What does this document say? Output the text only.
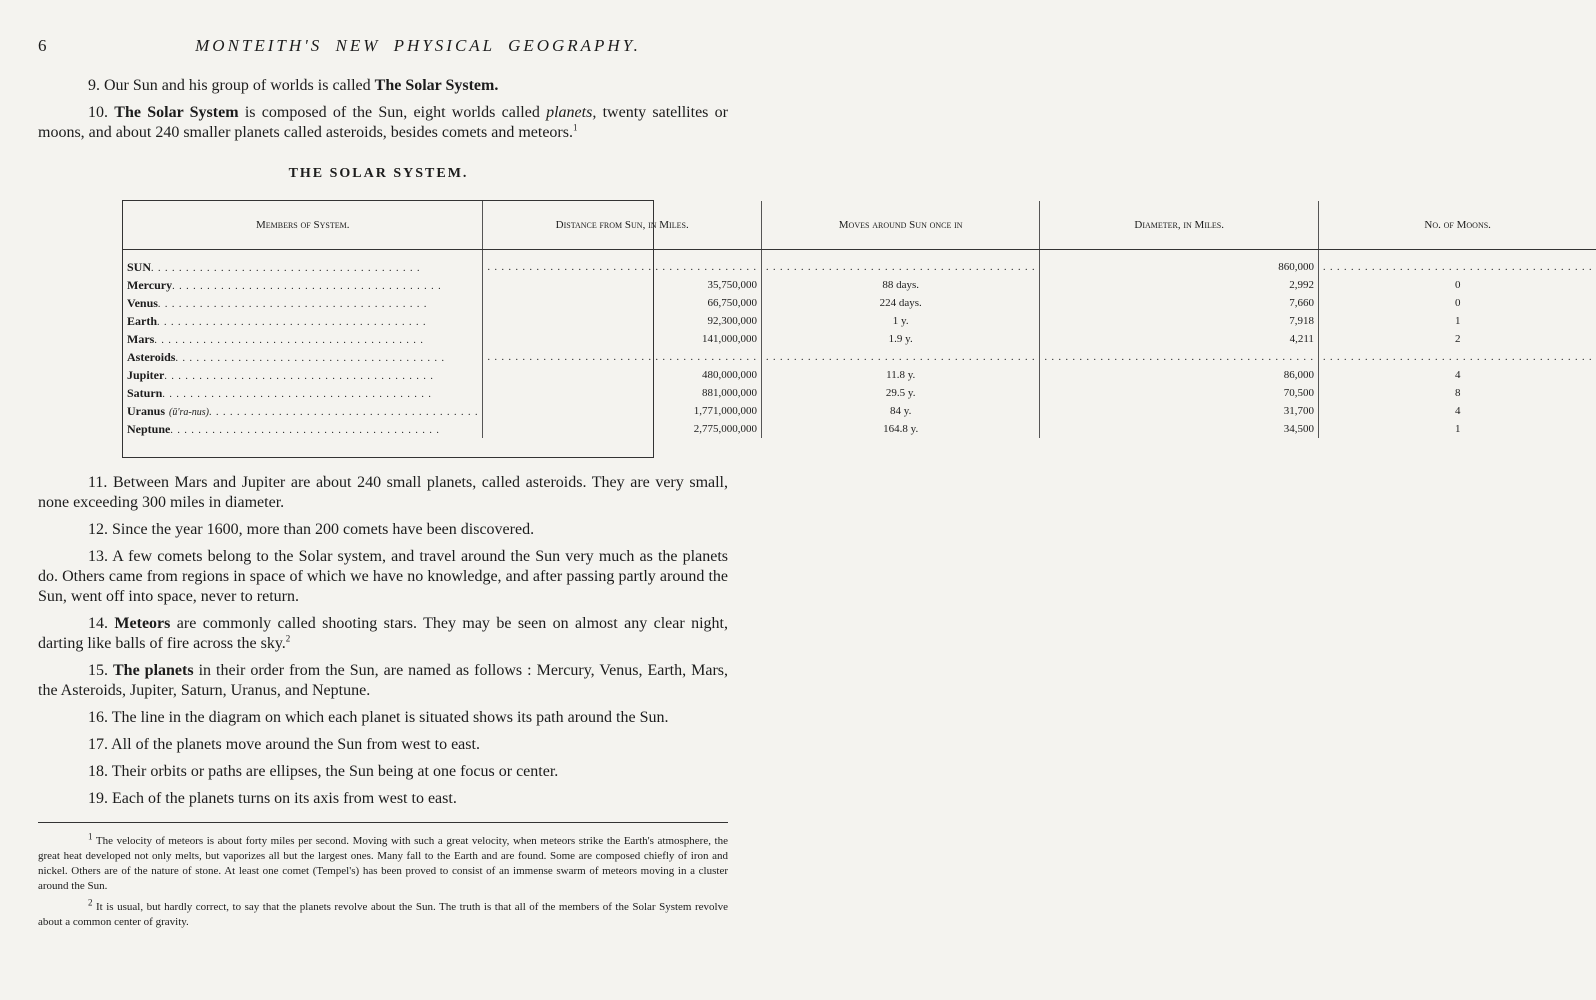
6	MONTEITH'S NEW PHYSICAL GEOGRAPHY.

9. Our Sun and his group of worlds is called The Solar System.

10. The Solar System is composed of the Sun, eight worlds called planets, twenty satellites or moons, and about 240 smaller planets called asteroids, besides comets and meteors.$^1$

THE SOLAR SYSTEM.
Members of System.	Distance from Sun, in Miles.	Moves around Sun once in	Diameter, in Miles.	No. of Moons.

SUN . . . . . . . . . . . . . . . . . . . . . . . . . . . . . . . . . . . . . . .	. . . . . . . . . . . . . . . . . . . . . . . . . . . . . . . . . . . . . . .	. . . . . . . . . . . . . . . . . . . . . . . . . . . . . . . . . . . . . . .	860,000	. . . . . . . . . . . . . . . . . . . . . . . . . . . . . . . . . . . . . . .

Mercury . . . . . . . . . . . . . . . . . . . . . . . . . . . . . . . . . . . . . . .	35,750,000	88 days.	2,992	0

Venus . . . . . . . . . . . . . . . . . . . . . . . . . . . . . . . . . . . . . . .	66,750,000	224 days.	7,660	0

Earth . . . . . . . . . . . . . . . . . . . . . . . . . . . . . . . . . . . . . . .	92,300,000	1 y.	7,918	1

Mars . . . . . . . . . . . . . . . . . . . . . . . . . . . . . . . . . . . . . . .	141,000,000	1.9 y.	4,211	2

Asteroids . . . . . . . . . . . . . . . . . . . . . . . . . . . . . . . . . . . . . . .	. . . . . . . . . . . . . . . . . . . . . . . . . . . . . . . . . . . . . . .	. . . . . . . . . . . . . . . . . . . . . . . . . . . . . . . . . . . . . . .	. . . . . . . . . . . . . . . . . . . . . . . . . . . . . . . . . . . . . . .	. . . . . . . . . . . . . . . . . . . . . . . . . . . . . . . . . . . . . . .

Jupiter . . . . . . . . . . . . . . . . . . . . . . . . . . . . . . . . . . . . . . .	480,000,000	11.8 y.	86,000	4

Saturn . . . . . . . . . . . . . . . . . . . . . . . . . . . . . . . . . . . . . . .	881,000,000	29.5 y.	70,500	8

Uranus (ū'ra-nus) . . . . . . . . . . . . . . . . . . . . . . . . . . . . . . . . . . . . . . .	1,771,000,000	84 y.	31,700	4

Neptune . . . . . . . . . . . . . . . . . . . . . . . . . . . . . . . . . . . . . . .	2,775,000,000	164.8 y.	34,500	1

11. Between Mars and Jupiter are about 240 small planets, called asteroids. They are very small, none exceeding 300 miles in diameter.

12. Since the year 1600, more than 200 comets have been discovered.

13. A few comets belong to the Solar system, and travel around the Sun very much as the planets do. Others came from regions in space of which we have no knowledge, and after passing partly around the Sun, went off into space, never to return.

14. Meteors are commonly called shooting stars. They may be seen on almost any clear night, darting like balls of fire across the sky.$^2$

15. The planets in their order from the Sun, are named as follows : Mercury, Venus, Earth, Mars, the Asteroids, Jupiter, Saturn, Uranus, and Neptune.

16. The line in the diagram on which each planet is situated shows its path around the Sun.

17. All of the planets move around the Sun from west to east.

18. Their orbits or paths are ellipses, the Sun being at one focus or center.

19. Each of the planets turns on its axis from west to east.

$^1$ The velocity of meteors is about forty miles per second. Moving with such a great velocity, when meteors strike the Earth's atmosphere, the great heat developed not only melts, but vaporizes all but the largest ones. Many fall to the Earth and are found. Some are composed chiefly of iron and nickel. Others are of the nature of stone. At least one comet (Tempel's) has been proved to consist of an immense swarm of meteors moving in a cluster around the Sun.

$^2$ It is usual, but hardly correct, to say that the planets revolve about the Sun. The truth is that all of the members of the Solar System revolve about a common center of gravity.
